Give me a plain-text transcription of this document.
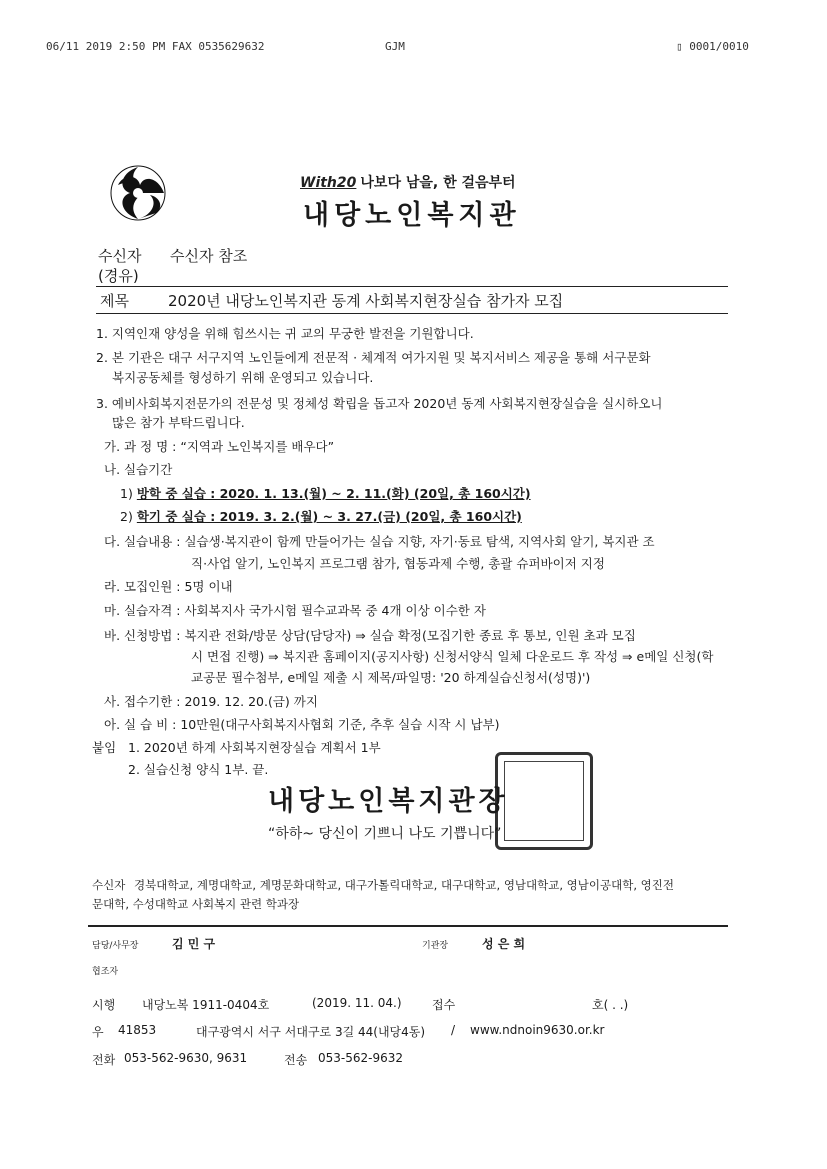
06/11 2019 2:50 PM FAX 0535629632	GJM	▯ 0001/0010
With20 나보다 남을, 한 걸음부터
내당노인복지관
수신자 수신자 참조
(경유)
제목	2020년 내당노인복지관 동계 사회복지현장실습 참가자 모집
1. 지역인재 양성을 위해 힘쓰시는 귀 교의 무궁한 발전을 기원합니다.
2. 본 기관은 대구 서구지역 노인들에게 전문적 · 체계적 여가지원 및 복지서비스 제공을 통해 서구문화
복지공동체를 형성하기 위해 운영되고 있습니다.
3. 예비사회복지전문가의 전문성 및 정체성 확립을 돕고자 2020년 동계 사회복지현장실습을 실시하오니
많은 참가 부탁드립니다.
가. 과 정 명 : “지역과 노인복지를 배우다”
나. 실습기간
1) 방학 중 실습 : 2020. 1. 13.(월) ~ 2. 11.(화) (20일, 총 160시간)
2) 학기 중 실습 : 2019. 3. 2.(월) ~ 3. 27.(금) (20일, 총 160시간)
다. 실습내용 : 실습생·복지관이 함께 만들어가는 실습 지향, 자기·동료 탐색, 지역사회 알기, 복지관 조
직·사업 알기, 노인복지 프로그램 참가, 협동과제 수행, 총괄 슈퍼바이저 지정
라. 모집인원 : 5명 이내
마. 실습자격 : 사회복지사 국가시험 필수교과목 중 4개 이상 이수한 자
바. 신청방법 : 복지관 전화/방문 상담(담당자) ⇒ 실습 확정(모집기한 종료 후 통보, 인원 초과 모집
시 면접 진행) ⇒ 복지관 홈페이지(공지사항) 신청서양식 일체 다운로드 후 작성 ⇒ e메일 신청(학
교공문 필수첨부, e메일 제출 시 제목/파일명: '20 하계실습신청서(성명)')
사. 접수기한 : 2019. 12. 20.(금) 까지
아. 실 습 비 : 10만원(대구사회복지사협회 기준, 추후 실습 시작 시 납부)
붙임 1. 2020년 하계 사회복지현장실습 계획서 1부
2. 실습신청 양식 1부. 끝.
내당노인복지관장
“하하~ 당신이 기쁘니 나도 기쁩니다”
수신자 경북대학교, 계명대학교, 계명문화대학교, 대구가톨릭대학교, 대구대학교, 영남대학교, 영남이공대학, 영진전
문대학, 수성대학교 사회복지 관련 학과장
담당/사무장	김 민 구	기관장	성 은 희
협조자
시행 내당노복 1911-0404호	(2019. 11. 04.)	접수	호( . .)
우 41853	대구광역시 서구 서대구로 3길 44(내당4동) / www.ndnoin9630.or.kr
전화 053-562-9630, 9631	전송 053-562-9632
